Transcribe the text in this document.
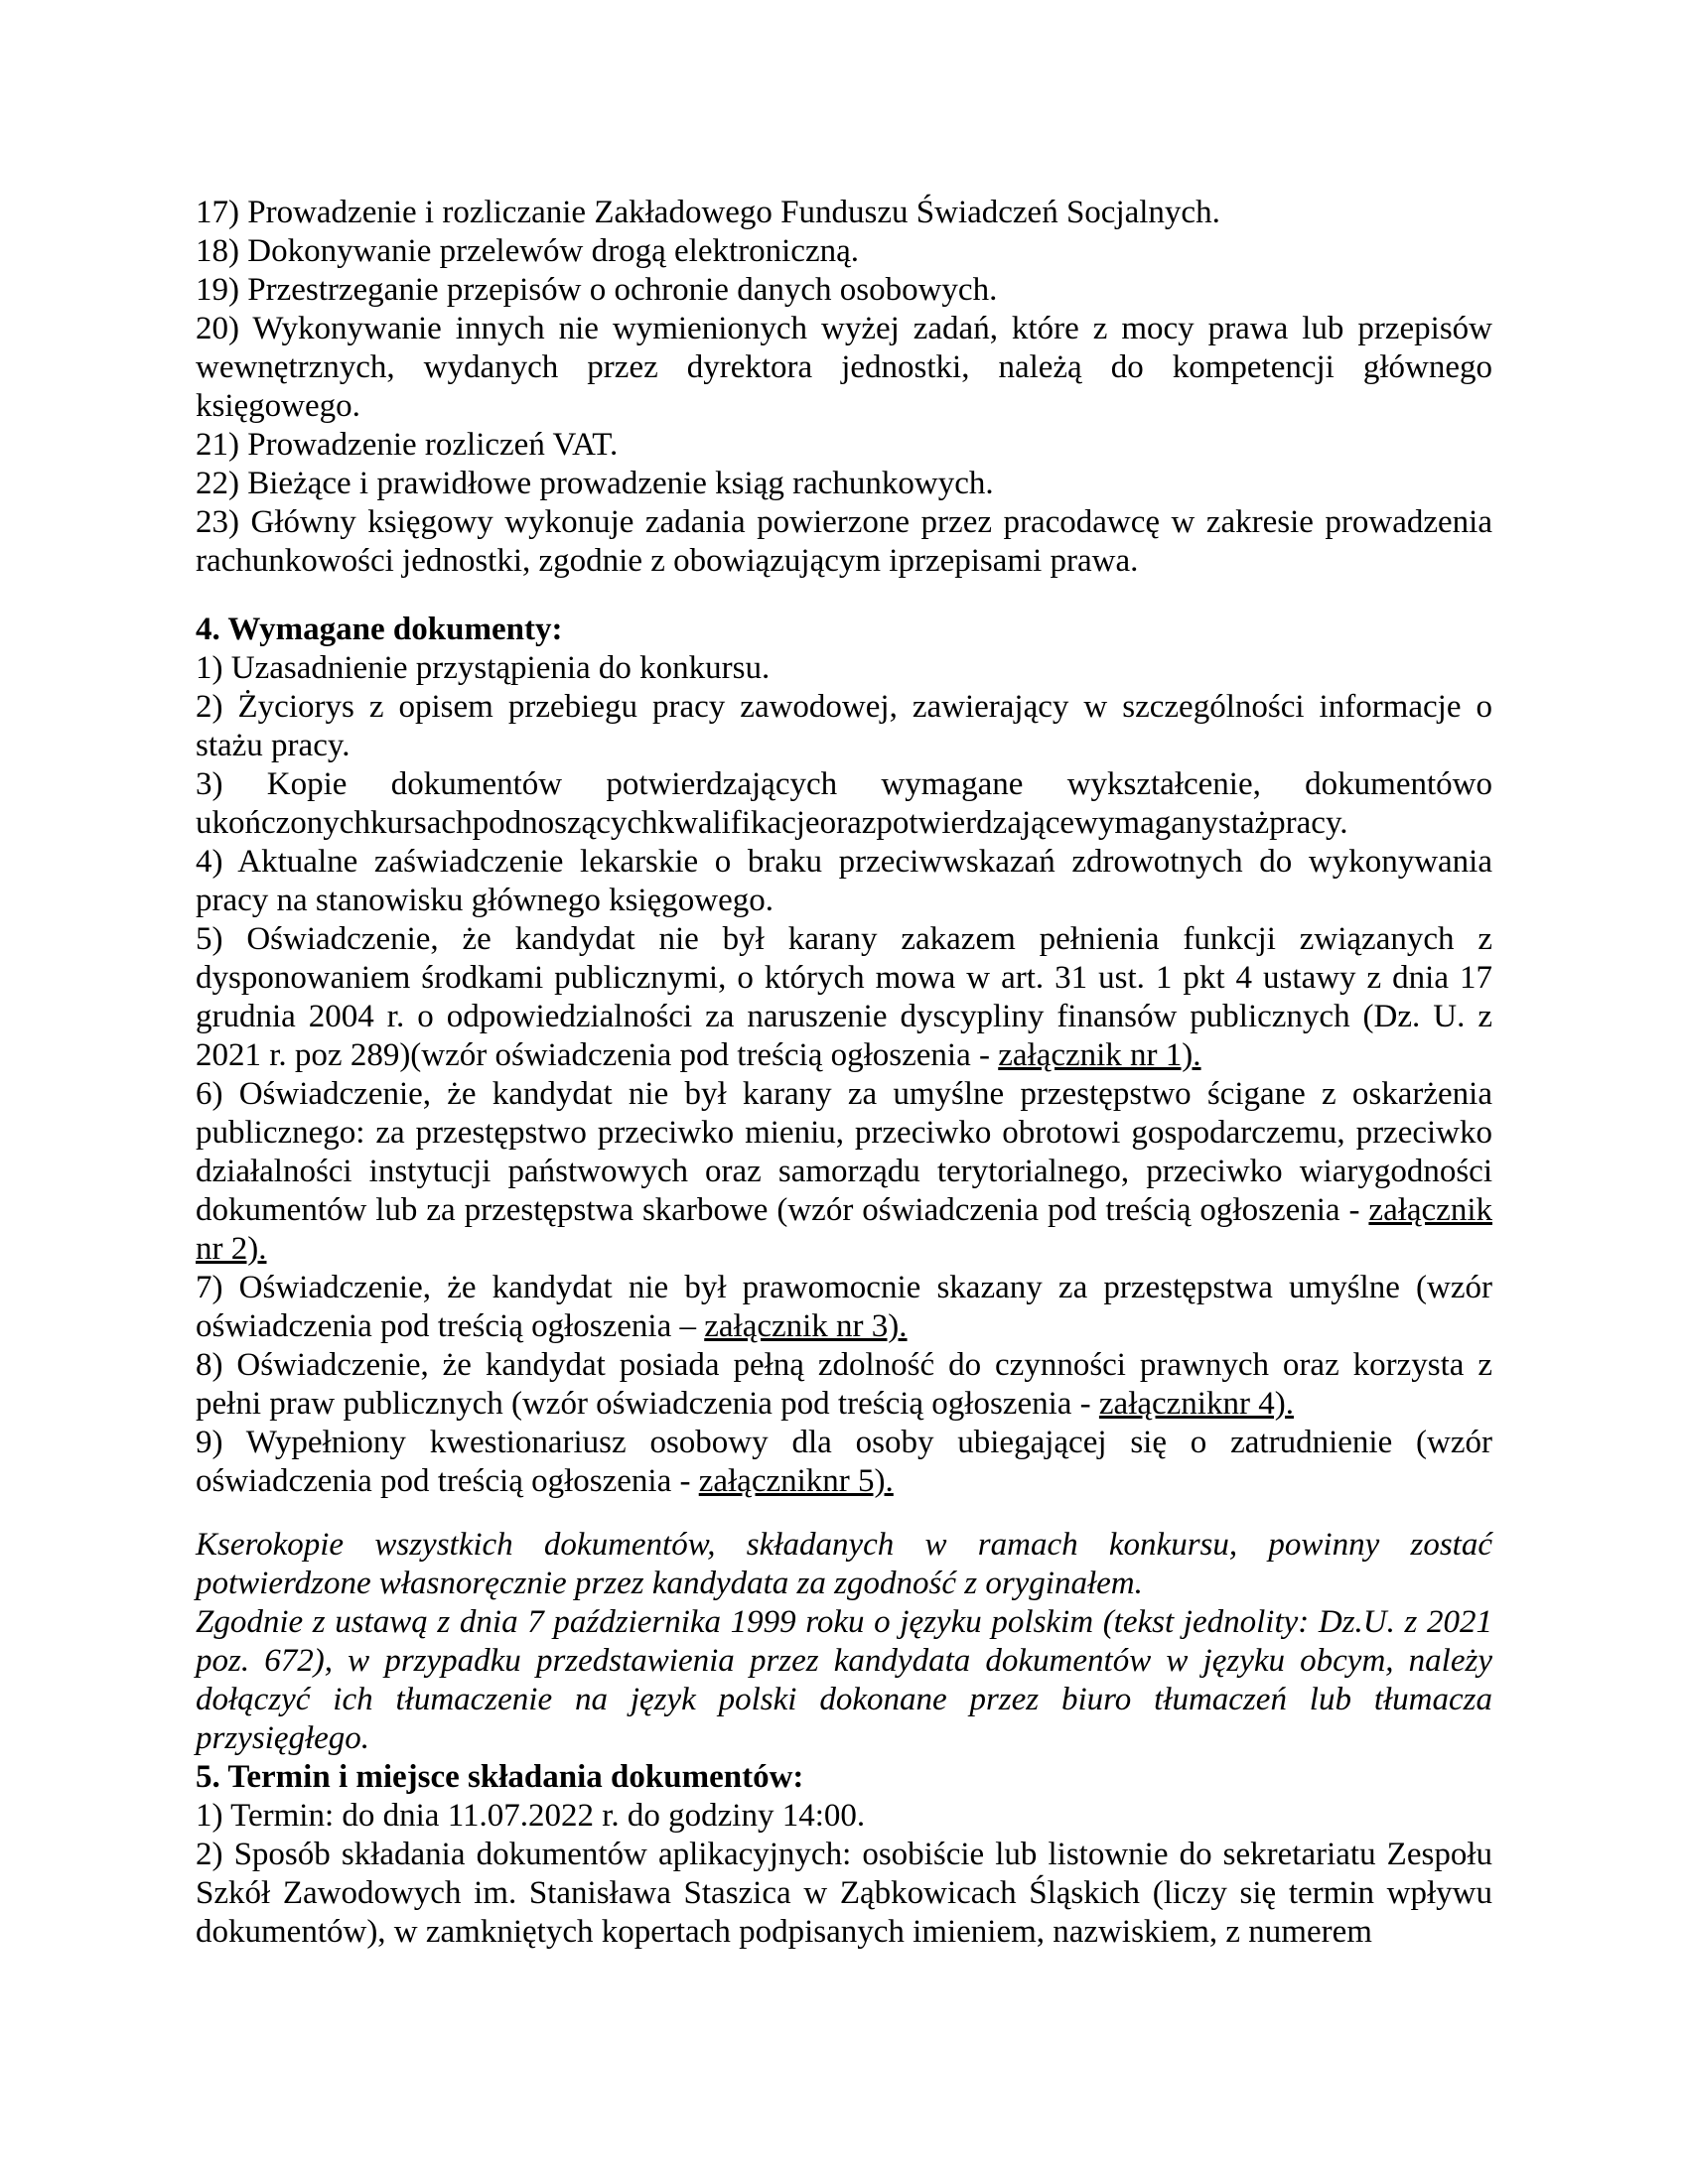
17) Prowadzenie i rozliczanie Zakładowego Funduszu Świadczeń Socjalnych.

18) Dokonywanie przelewów drogą elektroniczną.

19) Przestrzeganie przepisów o ochronie danych osobowych.

20) Wykonywanie innych nie wymienionych wyżej zadań, które z mocy prawa lub przepisów wewnętrznych, wydanych przez dyrektora jednostki, należą do kompetencji głównego księgowego.

21) Prowadzenie rozliczeń VAT.

22) Bieżące i prawidłowe prowadzenie ksiąg rachunkowych.

23) Główny księgowy wykonuje zadania powierzone przez pracodawcę w zakresie prowadzenia rachunkowości jednostki, zgodnie z obowiązującym iprzepisami prawa.

4. Wymagane dokumenty:

1) Uzasadnienie przystąpienia do konkursu.

2) Życiorys z opisem przebiegu pracy zawodowej, zawierający w szczególności informacje o stażu pracy.

3) Kopie dokumentów potwierdzających wymagane wykształcenie, dokumentówo ukończonychkursachpodnoszącychkwalifikacjeorazpotwierdzającewymaganystażpracy.

4) Aktualne zaświadczenie lekarskie o braku przeciwwskazań zdrowotnych do wykonywania pracy na stanowisku głównego księgowego.

5) Oświadczenie, że kandydat nie był karany zakazem pełnienia funkcji związanych z dysponowaniem środkami publicznymi, o których mowa w art. 31 ust. 1 pkt 4 ustawy z dnia 17 grudnia 2004 r. o odpowiedzialności za naruszenie dyscypliny finansów publicznych (Dz. U. z 2021 r. poz 289)(wzór oświadczenia pod treścią ogłoszenia - załącznik nr 1).

6) Oświadczenie, że kandydat nie był karany za umyślne przestępstwo ścigane z oskarżenia publicznego: za przestępstwo przeciwko mieniu, przeciwko obrotowi gospodarczemu, przeciwko działalności instytucji państwowych oraz samorządu terytorialnego, przeciwko wiarygodności dokumentów lub za przestępstwa skarbowe (wzór oświadczenia pod treścią ogłoszenia - załącznik nr 2).

7) Oświadczenie, że kandydat nie był prawomocnie skazany za przestępstwa umyślne (wzór oświadczenia pod treścią ogłoszenia – załącznik nr 3).

8) Oświadczenie, że kandydat posiada pełną zdolność do czynności prawnych oraz korzysta z pełni praw publicznych (wzór oświadczenia pod treścią ogłoszenia - załączniknr 4).

9) Wypełniony kwestionariusz osobowy dla osoby ubiegającej się o zatrudnienie (wzór oświadczenia pod treścią ogłoszenia - załączniknr 5).

Kserokopie wszystkich dokumentów, składanych w ramach konkursu, powinny zostać potwierdzone własnoręcznie przez kandydata za zgodność z oryginałem.

Zgodnie z ustawą z dnia 7 października 1999 roku o języku polskim (tekst jednolity: Dz.U. z 2021 poz. 672), w przypadku przedstawienia przez kandydata dokumentów w języku obcym, należy dołączyć ich tłumaczenie na język polski dokonane przez biuro tłumaczeń lub tłumacza przysięgłego.

5. Termin i miejsce składania dokumentów:

1) Termin: do dnia 11.07.2022 r. do godziny 14:00.

2) Sposób składania dokumentów aplikacyjnych: osobiście lub listownie do sekretariatu Zespołu Szkół Zawodowych im. Stanisława Staszica w Ząbkowicach Śląskich (liczy się termin wpływu dokumentów), w zamkniętych kopertach podpisanych imieniem, nazwiskiem, z numerem
